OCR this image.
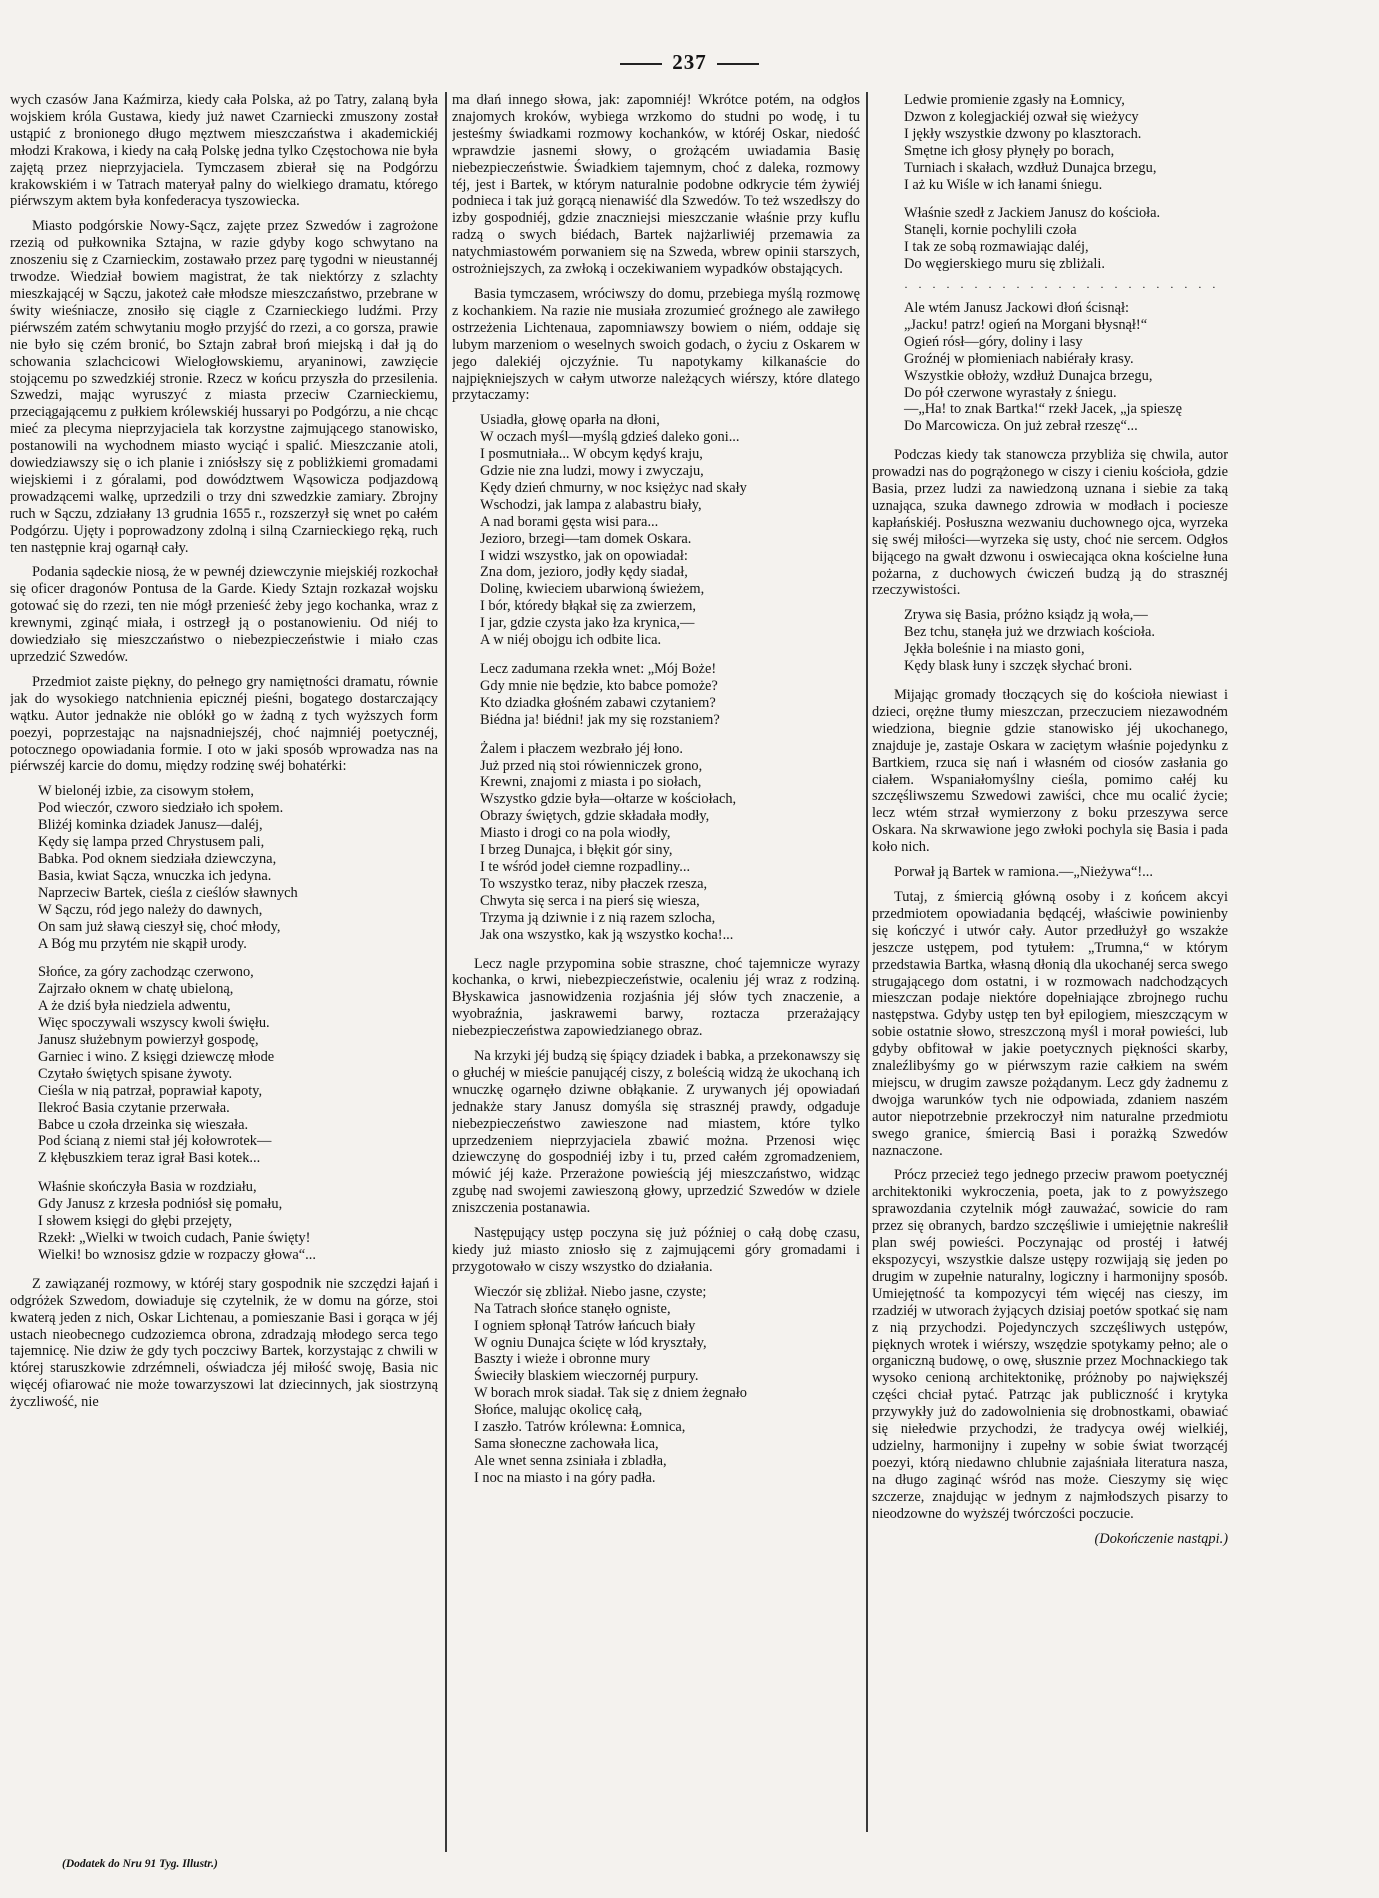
237

wych czasów Jana Kaźmirza, kiedy cała Polska, aż po Tatry, zalaną była wojskiem króla Gustawa, kiedy już nawet Czarniecki zmuszony został ustąpić z bronionego długo męztwem mieszczaństwa i akademickiéj młodzi Krakowa, i kiedy na całą Polskę jedna tylko Częstochowa nie była zajętą przez nieprzyjaciela. Tymczasem zbierał się na Podgórzu krakowskiém i w Tatrach materyał palny do wielkiego dramatu, którego piérwszym aktem była konfederacya tyszowiecka.

Miasto podgórskie Nowy-Sącz, zajęte przez Szwedów i zagrożone rzezią od pułkownika Sztajna, w razie gdyby kogo schwytano na znoszeniu się z Czarnieckim, zostawało przez parę tygodni w nieustannéj trwodze. Wiedział bowiem magistrat, że tak niektórzy z szlachty mieszkającéj w Sączu, jakoteż całe młodsze mieszczaństwo, przebrane w świty wieśniacze, znosiło się ciągle z Czarnieckiego ludźmi. Przy piérwszém zatém schwytaniu mogło przyjść do rzezi, a co gorsza, prawie nie było się czém bronić, bo Sztajn zabrał broń miejską i dał ją do schowania szlachcicowi Wielogłowskiemu, aryaninowi, zawzięcie stojącemu po szwedzkiéj stronie. Rzecz w końcu przyszła do przesilenia. Szwedzi, mając wyruszyć z miasta przeciw Czarnieckiemu, przeciągającemu z pułkiem królewskiéj hussaryi po Podgórzu, a nie chcąc mieć za plecyma nieprzyjaciela tak korzystne zajmującego stanowisko, postanowili na wychodnem miasto wyciąć i spalić. Mieszczanie atoli, dowiedziawszy się o ich planie i zniósłszy się z pobliżkiemi gromadami wiejskiemi i z góralami, pod dowództwem Wąsowicza podjazdową prowadzącemi walkę, uprzedzili o trzy dni szwedzkie zamiary. Zbrojny ruch w Sączu, zdziałany 13 grudnia 1655 r., rozszerzył się wnet po całém Podgórzu. Ujęty i poprowadzony zdolną i silną Czarnieckiego ręką, ruch ten następnie kraj ogarnął cały.

Podania sądeckie niosą, że w pewnéj dziewczynie miejskiéj rozkochał się oficer dragonów Pontusa de la Garde. Kiedy Sztajn rozkazał wojsku gotować się do rzezi, ten nie mógł przenieść żeby jego kochanka, wraz z krewnymi, zginąć miała, i ostrzegł ją o postanowieniu. Od niéj to dowiedziało się mieszczaństwo o niebezpieczeństwie i miało czas uprzedzić Szwedów.

Przedmiot zaiste piękny, do pełnego gry namiętności dramatu, równie jak do wysokiego natchnienia epicznéj pieśni, bogatego dostarczający wątku. Autor jednakże nie oblókł go w żadną z tych wyższych form poezyi, poprzestając na najsnadniejszéj, choć najmniéj poetycznéj, potocznego opowiadania formie. I oto w jaki sposób wprowadza nas na piérwszéj karcie do domu, między rodzinę swéj bohatérki:

W bielonéj izbie, za cisowym stołem,
Pod wieczór, czworo siedziało ich społem.
Bliżéj kominka dziadek Janusz—daléj,
Kędy się lampa przed Chrystusem pali,
Babka. Pod oknem siedziała dziewczyna,
Basia, kwiat Sącza, wnuczka ich jedyna.
Naprzeciw Bartek, cieśla z cieślów sławnych
W Sączu, ród jego należy do dawnych,
On sam już sławą cieszył się, choć młody,
A Bóg mu przytém nie skąpił urody.
Słońce, za góry zachodząc czerwono,
Zajrzało oknem w chatę ubieloną,
A że dziś była niedziela adwentu,
Więc spoczywali wszyscy kwoli święłu.
Janusz służebnym powierzył gospodę,
Garniec i wino. Z księgi dziewczę młode
Czytało świętych spisane żywoty.
Cieśla w nią patrzał, poprawiał kapoty,
Ilekroć Basia czytanie przerwała.
Babce u czoła drzeinka się wieszała.
Pod ścianą z niemi stał jéj kołowrotek—
Z kłębuszkiem teraz igrał Basi kotek...
Właśnie skończyła Basia w rozdziału,
Gdy Janusz z krzesła podniósł się pomału,
I słowem księgi do głębi przejęty,
Rzekł: „Wielki w twoich cudach, Panie święty!
Wielki! bo wznosisz gdzie w rozpaczy głowa“...

Z zawiązanéj rozmowy, w któréj stary gospodnik nie szczędzi łajań i odgróżek Szwedom, dowiaduje się czytelnik, że w domu na górze, stoi kwaterą jeden z nich, Oskar Lichtenau, a pomieszanie Basi i gorąca w jéj ustach nieobecnego cudzoziemca obrona, zdradzają młodego serca tego tajemnicę. Nie dziw że gdy tych poczciwy Bartek, korzystając z chwili w której staruszkowie zdrzémneli, oświadcza jéj miłość swoję, Basia nic więcéj ofiarować nie może towarzyszowi lat dziecinnych, jak siostrzyną życzliwość, nie

ma dłań innego słowa, jak: zapomniéj! Wkrótce potém, na odgłos znajomych kroków, wybiega wrzkomo do studni po wodę, i tu jesteśmy świadkami rozmowy kochanków, w któréj Oskar, niedość wprawdzie jasnemi słowy, o grożącém uwiadamia Basię niebezpieczeństwie. Świadkiem tajemnym, choć z daleka, rozmowy téj, jest i Bartek, w którym naturalnie podobne odkrycie tém żywiéj podnieca i tak już gorącą nienawiść dla Szwedów. To też wszedłszy do izby gospodniéj, gdzie znaczniejsi mieszczanie właśnie przy kuflu radzą o swych biédach, Bartek najżarliwiéj przemawia za natychmiastowém porwaniem się na Szweda, wbrew opinii starszych, ostrożniejszych, za zwłoką i oczekiwaniem wypadków obstających.

Basia tymczasem, wróciwszy do domu, przebiega myślą rozmowę z kochankiem. Na razie nie musiała zrozumieć groźnego ale zawiłego ostrzeżenia Lichtenaua, zapomniawszy bowiem o niém, oddaje się lubym marzeniom o weselnych swoich godach, o życiu z Oskarem w jego dalekiéj ojczyźnie. Tu napotykamy kilkanaście do najpiękniejszych w całym utworze należących wiérszy, które dlatego przytaczamy:

Usiadła, głowę oparła na dłoni,
W oczach myśl—myślą gdzieś daleko goni...
I posmutniała... W obcym kędyś kraju,
Gdzie nie zna ludzi, mowy i zwyczaju,
Kędy dzień chmurny, w noc księżyc nad skały
Wschodzi, jak lampa z alabastru biały,
A nad borami gęsta wisi para...
Jezioro, brzegi—tam domek Oskara.
I widzi wszystko, jak on opowiadał:
Zna dom, jezioro, jodły kędy siadał,
Dolinę, kwieciem ubarwioną świeżem,
I bór, któredy błąkał się za zwierzem,
I jar, gdzie czysta jako łza krynica,—
A w niéj obojgu ich odbite lica.
Lecz zadumana rzekła wnet: „Mój Boże!
Gdy mnie nie będzie, kto babce pomoże?
Kto dziadka głośném zabawi czytaniem?
Biédna ja! biédni! jak my się rozstaniem?
Żalem i płaczem wezbrało jéj łono.
Już przed nią stoi rówienniczek grono,
Krewni, znajomi z miasta i po siołach,
Wszystko gdzie była—ołtarze w kościołach,
Obrazy świętych, gdzie składała modły,
Miasto i drogi co na pola wiodły,
I brzeg Dunajca, i błękit gór siny,
I te wśród jodeł ciemne rozpadliny...
To wszystko teraz, niby płaczek rzesza,
Chwyta się serca i na pierś się wiesza,
Trzyma ją dziwnie i z nią razem szlocha,
Jak ona wszystko, kak ją wszystko kocha!...

Lecz nagle przypomina sobie straszne, choć tajemnicze wyrazy kochanka, o krwi, niebezpieczeństwie, ocaleniu jéj wraz z rodziną. Błyskawica jasnowidzenia rozjaśnia jéj słów tych znaczenie, a wyobraźnia, jaskrawemi barwy, roztacza przerażający niebezpieczeństwa zapowiedzianego obraz.

Na krzyki jéj budzą się śpiący dziadek i babka, a przekonawszy się o głuchéj w mieście panującéj ciszy, z boleścią widzą że ukochaną ich wnuczkę ogarnęło dziwne obłąkanie. Z urywanych jéj opowiadań jednakże stary Janusz domyśla się strasznéj prawdy, odgaduje niebezpieczeństwo zawieszone nad miastem, które tylko uprzedzeniem nieprzyjaciela zbawić można. Przenosi więc dziewczynę do gospodniéj izby i tu, przed całém zgromadzeniem, mówić jéj każe. Przerażone powieścią jéj mieszczaństwo, widząc zgubę nad swojemi zawieszoną głowy, uprzedzić Szwedów w dziele zniszczenia postanawia.

Następujący ustęp poczyna się już później o całą dobę czasu, kiedy już miasto zniosło się z zajmującemi góry gromadami i przygotowało w ciszy wszystko do działania.

Wieczór się zbliżał. Niebo jasne, czyste;
Na Tatrach słońce stanęło ogniste,
I ogniem spłonął Tatrów łańcuch biały
W ogniu Dunajca ścięte w lód kryształy,
Baszty i wieże i obronne mury
Świeciły blaskiem wieczornéj purpury.
W borach mrok siadał. Tak się z dniem żegnało
Słońce, malując okolicę całą,
I zaszło. Tatrów królewna: Łomnica,
Sama słoneczne zachowała lica,
Ale wnet senna zsiniała i zbladła,
I noc na miasto i na góry padła.
Ledwie promienie zgasły na Łomnicy,
Dzwon z kolegjackiéj ozwał się wieżycy
I jękły wszystkie dzwony po klasztorach.
Smętne ich głosy płynęły po borach,
Turniach i skałach, wzdłuż Dunajca brzegu,
I aż ku Wiśle w ich łanami śniegu.
Właśnie szedł z Jackiem Janusz do kościoła.
Stanęli, kornie pochylili czoła
I tak ze sobą rozmawiając daléj,
Do węgierskiego muru się zbliżali.
·······················
Ale wtém Janusz Jackowi dłoń ścisnął:
„Jacku! patrz! ogień na Morgani błysnął!“
Ogień rósł—góry, doliny i lasy
Groźnéj w płomieniach nabiérały krasy.
Wszystkie obłoży, wzdłuż Dunajca brzegu,
Do pół czerwone wyrastały z śniegu.
—„Ha! to znak Bartka!“ rzekł Jacek, „ja spieszę
Do Marcowicza. On już zebrał rzeszę“...

Podczas kiedy tak stanowcza przybliża się chwila, autor prowadzi nas do pogrążonego w ciszy i cieniu kościoła, gdzie Basia, przez ludzi za nawiedzoną uznana i siebie za taką uznająca, szuka dawnego zdrowia w modłach i pociesze kapłańskiéj. Posłuszna wezwaniu duchownego ojca, wyrzeka się swéj miłości—wyrzeka się usty, choć nie sercem. Odgłos bijącego na gwałt dzwonu i oswiecająca okna kościelne łuna pożarna, z duchowych ćwiczeń budzą ją do strasznéj rzeczywistości.

Zrywa się Basia, próżno ksiądz ją woła,—
Bez tchu, stanęła już we drzwiach kościoła.
Jękła boleśnie i na miasto goni,
Kędy blask łuny i szczęk słychać broni.

Mijając gromady tłoczących się do kościoła niewiast i dzieci, orężne tłumy mieszczan, przeczuciem niezawodném wiedziona, biegnie gdzie stanowisko jéj ukochanego, znajduje je, zastaje Oskara w zaciętym właśnie pojedynku z Bartkiem, rzuca się nań i własném od ciosów zasłania go ciałem. Wspaniałomyślny cieśla, pomimo całéj ku szczęśliwszemu Szwedowi zawiści, chce mu ocalić życie; lecz wtém strzał wymierzony z boku przeszywa serce Oskara. Na skrwawione jego zwłoki pochyla się Basia i pada koło nich.

Porwał ją Bartek w ramiona.—„Nieżywa“!...

Tutaj, z śmiercią główną osoby i z końcem akcyi przedmiotem opowiadania będącéj, właściwie powinienby się kończyć i utwór cały. Autor przedłużył go wszakże jeszcze ustępem, pod tytułem: „Trumna,“ w którym przedstawia Bartka, własną dłonią dla ukochanéj serca swego strugającego dom ostatni, i w rozmowach nadchodzących mieszczan podaje niektóre dopełniające zbrojnego ruchu następstwa. Gdyby ustęp ten był epilogiem, mieszczącym w sobie ostatnie słowo, streszczoną myśl i morał powieści, lub gdyby obfitował w jakie poetycznych piękności skarby, znaleźlibyśmy go w piérwszym razie całkiem na swém miejscu, w drugim zawsze pożądanym. Lecz gdy żadnemu z dwojga warunków tych nie odpowiada, zdaniem naszém autor niepotrzebnie przekroczył nim naturalne przedmiotu swego granice, śmiercią Basi i porażką Szwedów naznaczone.

Prócz przecież tego jednego przeciw prawom poetycznéj architektoniki wykroczenia, poeta, jak to z powyższego sprawozdania czytelnik mógł zauważać, sowicie do ram przez się obranych, bardzo szczęśliwie i umiejętnie nakreślił plan swéj powieści. Poczynając od prostéj i łatwéj ekspozycyi, wszystkie dalsze ustępy rozwijają się jeden po drugim w zupełnie naturalny, logiczny i harmonijny sposób. Umiejętność ta kompozycyi tém więcéj nas cieszy, im rzadziéj w utworach żyjących dzisiaj poetów spotkać się nam z nią przychodzi. Pojedynczych szczęśliwych ustępów, pięknych wrotek i wiérszy, wszędzie spotykamy pełno; ale o organiczną budowę, o owę, słusznie przez Mochnackiego tak wysoko cenioną architektonikę, próżnoby po największéj części chciał pytać. Patrząc jak publiczność i krytyka przywykły już do zadowolnienia się drobnostkami, obawiać się niełedwie przychodzi, że tradycya owéj wielkiéj, udzielny, harmonijny i zupełny w sobie świat tworzącéj poezyi, którą niedawno chlubnie zajaśniała literatura nasza, na długo zaginąć wśród nas może. Cieszymy się więc szczerze, znajdując w jednym z najmłodszych pisarzy to nieodzowne do wyższéj twórczości poczucie.

(Dokończenie nastąpi.)
(Dodatek do Nru 91 Tyg. Illustr.)
